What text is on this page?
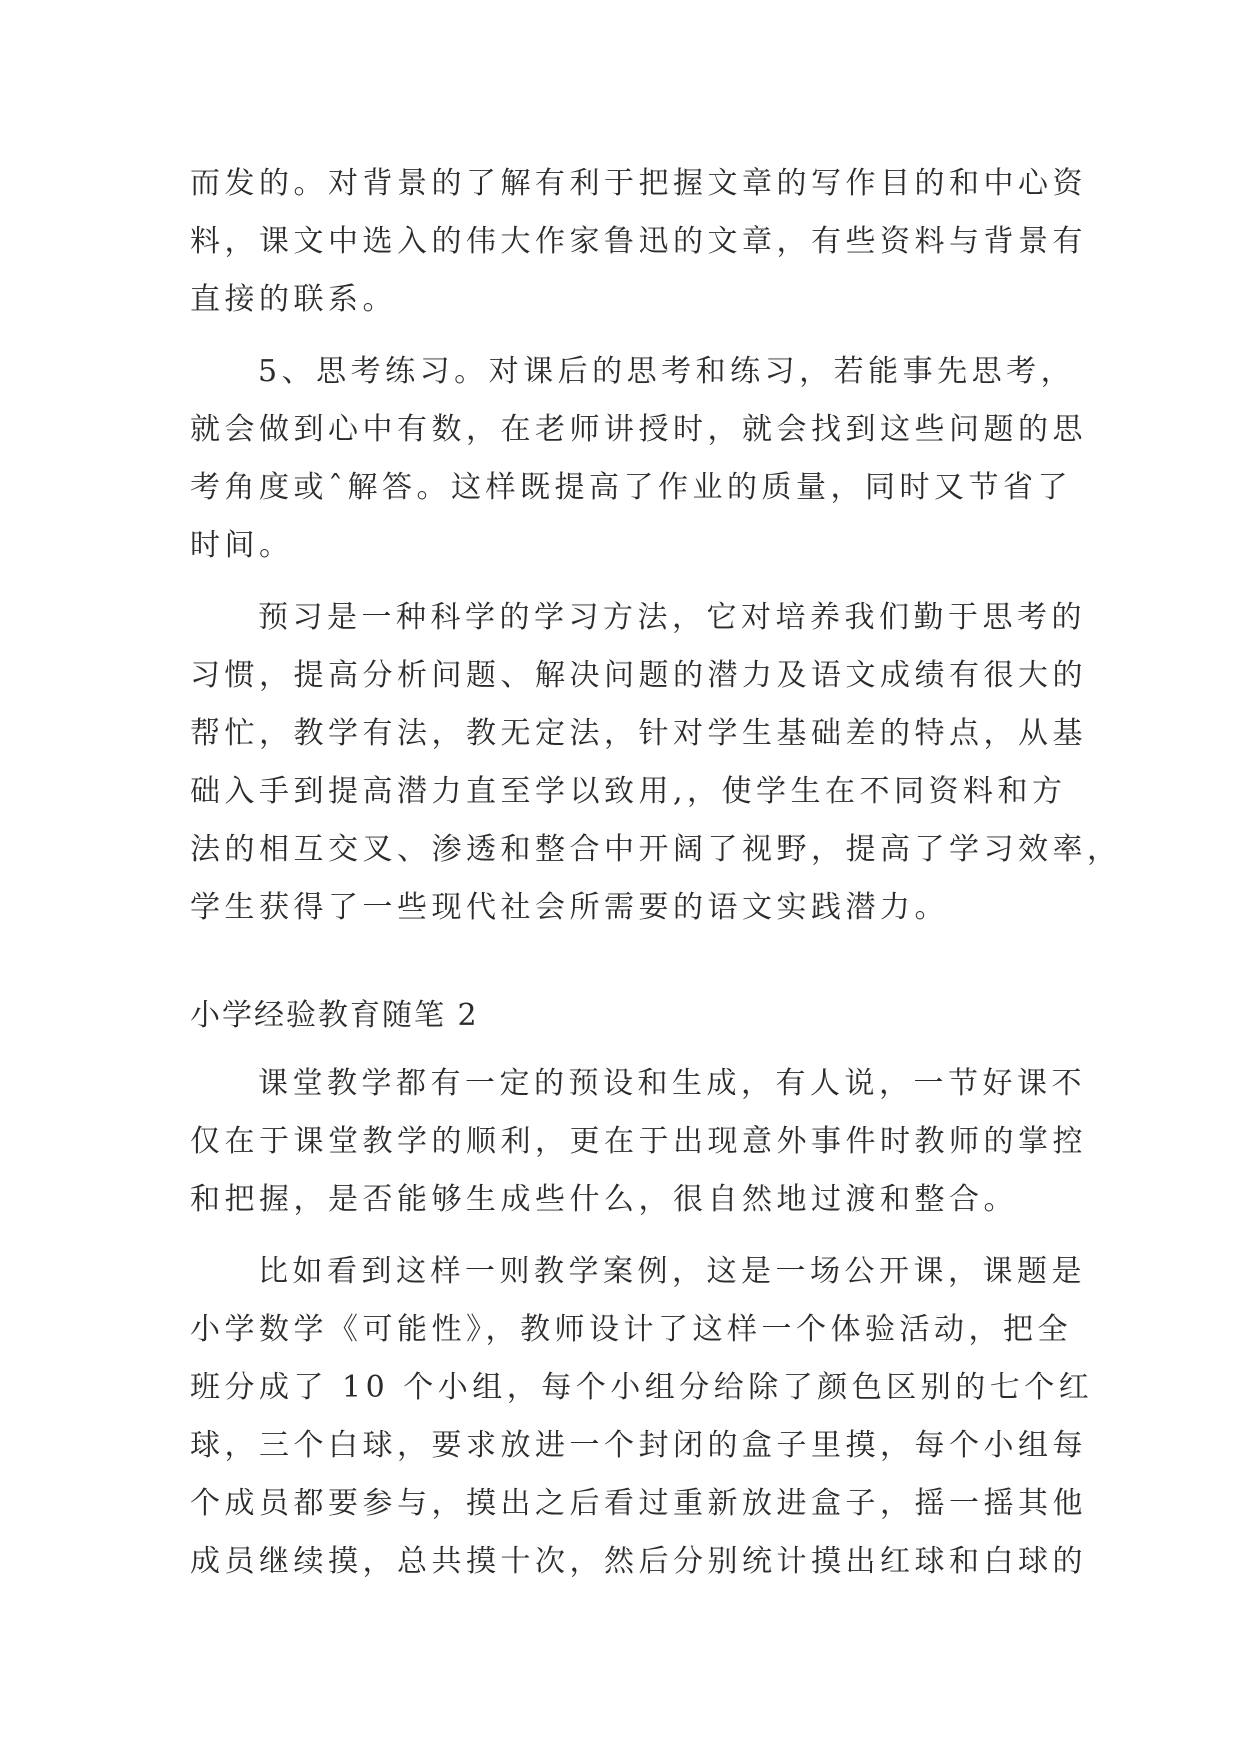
而发的。对背景的了解有利于把握文章的写作目的和中心资
料，课文中选入的伟大作家鲁迅的文章，有些资料与背景有
直接的联系。

5、思考练习。对课后的思考和练习，若能事先思考，
就会做到心中有数，在老师讲授时，就会找到这些问题的思
考角度或ˆ解答。这样既提高了作业的质量，同时又节省了
时间。

预习是一种科学的学习方法，它对培养我们勤于思考的
习惯，提高分析问题、解决问题的潜力及语文成绩有很大的
帮忙，教学有法，教无定法，针对学生基础差的特点，从基
础入手到提高潜力直至学以致用,，使学生在不同资料和方
法的相互交叉、渗透和整合中开阔了视野，提高了学习效率，
学生获得了一些现代社会所需要的语文实践潜力。

小学经验教育随笔 2

课堂教学都有一定的预设和生成，有人说，一节好课不
仅在于课堂教学的顺利，更在于出现意外事件时教师的掌控
和把握，是否能够生成些什么，很自然地过渡和整合。

比如看到这样一则教学案例，这是一场公开课，课题是
小学数学《可能性》，教师设计了这样一个体验活动，把全
班分成了 10 个小组，每个小组分给除了颜色区别的七个红
球，三个白球，要求放进一个封闭的盒子里摸，每个小组每
个成员都要参与，摸出之后看过重新放进盒子，摇一摇其他
成员继续摸，总共摸十次，然后分别统计摸出红球和白球的
